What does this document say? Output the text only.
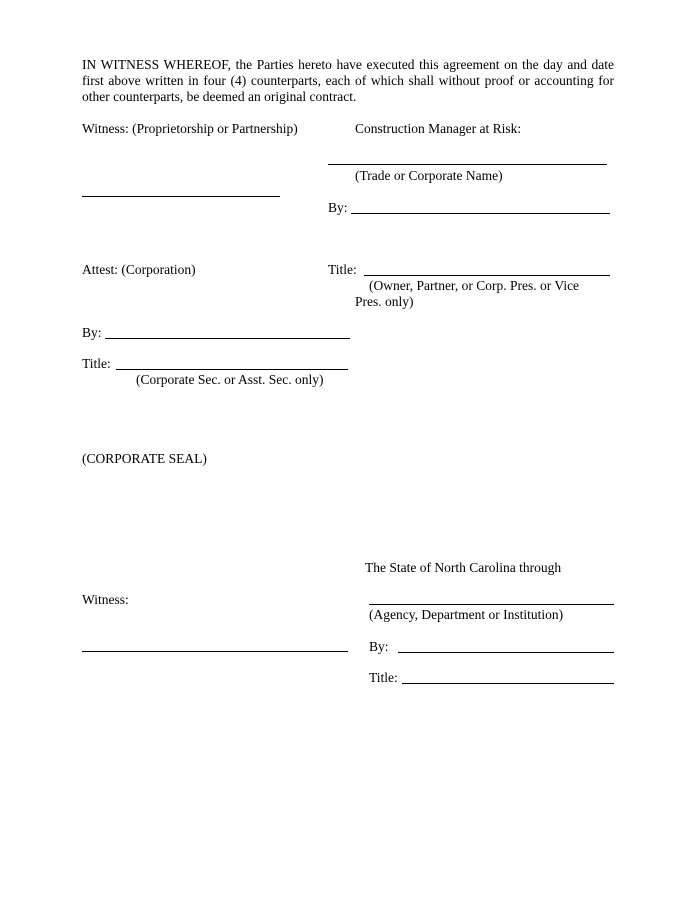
IN WITNESS WHEREOF, the Parties hereto have executed this agreement on the day and date
first above written in four (4) counterparts, each of which shall without proof or accounting for
other counterparts, be deemed an original contract.
Witness: (Proprietorship or Partnership)	Construction Manager at Risk:
(Trade or Corporate Name)
By:
Attest: (Corporation)	Title:
(Owner, Partner, or Corp. Pres. or Vice
Pres. only)
By:
Title:
(Corporate Sec. or Asst. Sec. only)
(CORPORATE SEAL)
The State of North Carolina through
Witness:
(Agency, Department or Institution)
By:
Title:
